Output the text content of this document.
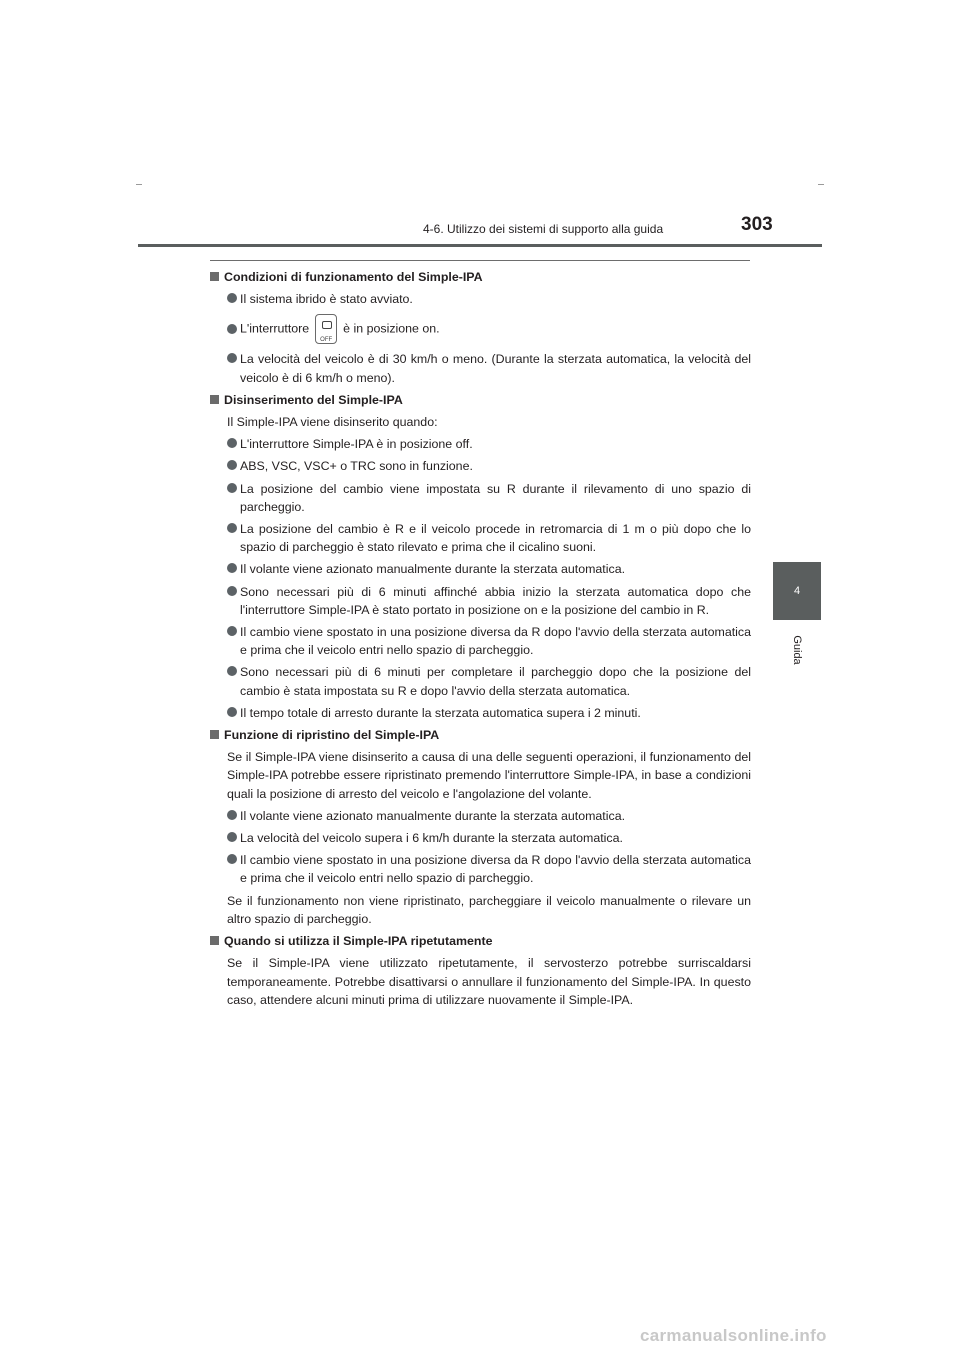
4-6. Utilizzo dei sistemi di supporto alla guida	303
4
Guida
Condizioni di funzionamento del Simple-IPA
Il sistema ibrido è stato avviato.
L'interruttore
OFF
è in posizione on.
La velocità del veicolo è di 30 km/h o meno. (Durante la sterzata automatica, la velocità del veicolo è di 6 km/h o meno).
Disinserimento del Simple-IPA
Il Simple-IPA viene disinserito quando:
L'interruttore Simple-IPA è in posizione off.
ABS, VSC, VSC+ o TRC sono in funzione.
La posizione del cambio viene impostata su R durante il rilevamento di uno spazio di parcheggio.
La posizione del cambio è R e il veicolo procede in retromarcia di 1 m o più dopo che lo spazio di parcheggio è stato rilevato e prima che il cicalino suoni.
Il volante viene azionato manualmente durante la sterzata automatica.
Sono necessari più di 6 minuti affinché abbia inizio la sterzata automatica dopo che l'interruttore Simple-IPA è stato portato in posizione on e la posizione del cambio in R.
Il cambio viene spostato in una posizione diversa da R dopo l'avvio della sterzata automatica e prima che il veicolo entri nello spazio di parcheggio.
Sono necessari più di 6 minuti per completare il parcheggio dopo che la posizione del cambio è stata impostata su R e dopo l'avvio della sterzata automatica.
Il tempo totale di arresto durante la sterzata automatica supera i 2 minuti.
Funzione di ripristino del Simple-IPA
Se il Simple-IPA viene disinserito a causa di una delle seguenti operazioni, il funzionamento del Simple-IPA potrebbe essere ripristinato premendo l'interruttore Simple-IPA, in base a condizioni quali la posizione di arresto del veicolo e l'angolazione del volante.
Il volante viene azionato manualmente durante la sterzata automatica.
La velocità del veicolo supera i 6 km/h durante la sterzata automatica.
Il cambio viene spostato in una posizione diversa da R dopo l'avvio della sterzata automatica e prima che il veicolo entri nello spazio di parcheggio.
Se il funzionamento non viene ripristinato, parcheggiare il veicolo manualmente o rilevare un altro spazio di parcheggio.
Quando si utilizza il Simple-IPA ripetutamente
Se il Simple-IPA viene utilizzato ripetutamente, il servosterzo potrebbe surriscaldarsi temporaneamente. Potrebbe disattivarsi o annullare il funzionamento del Simple-IPA. In questo caso, attendere alcuni minuti prima di utilizzare nuovamente il Simple-IPA.
carmanualsonline.info
